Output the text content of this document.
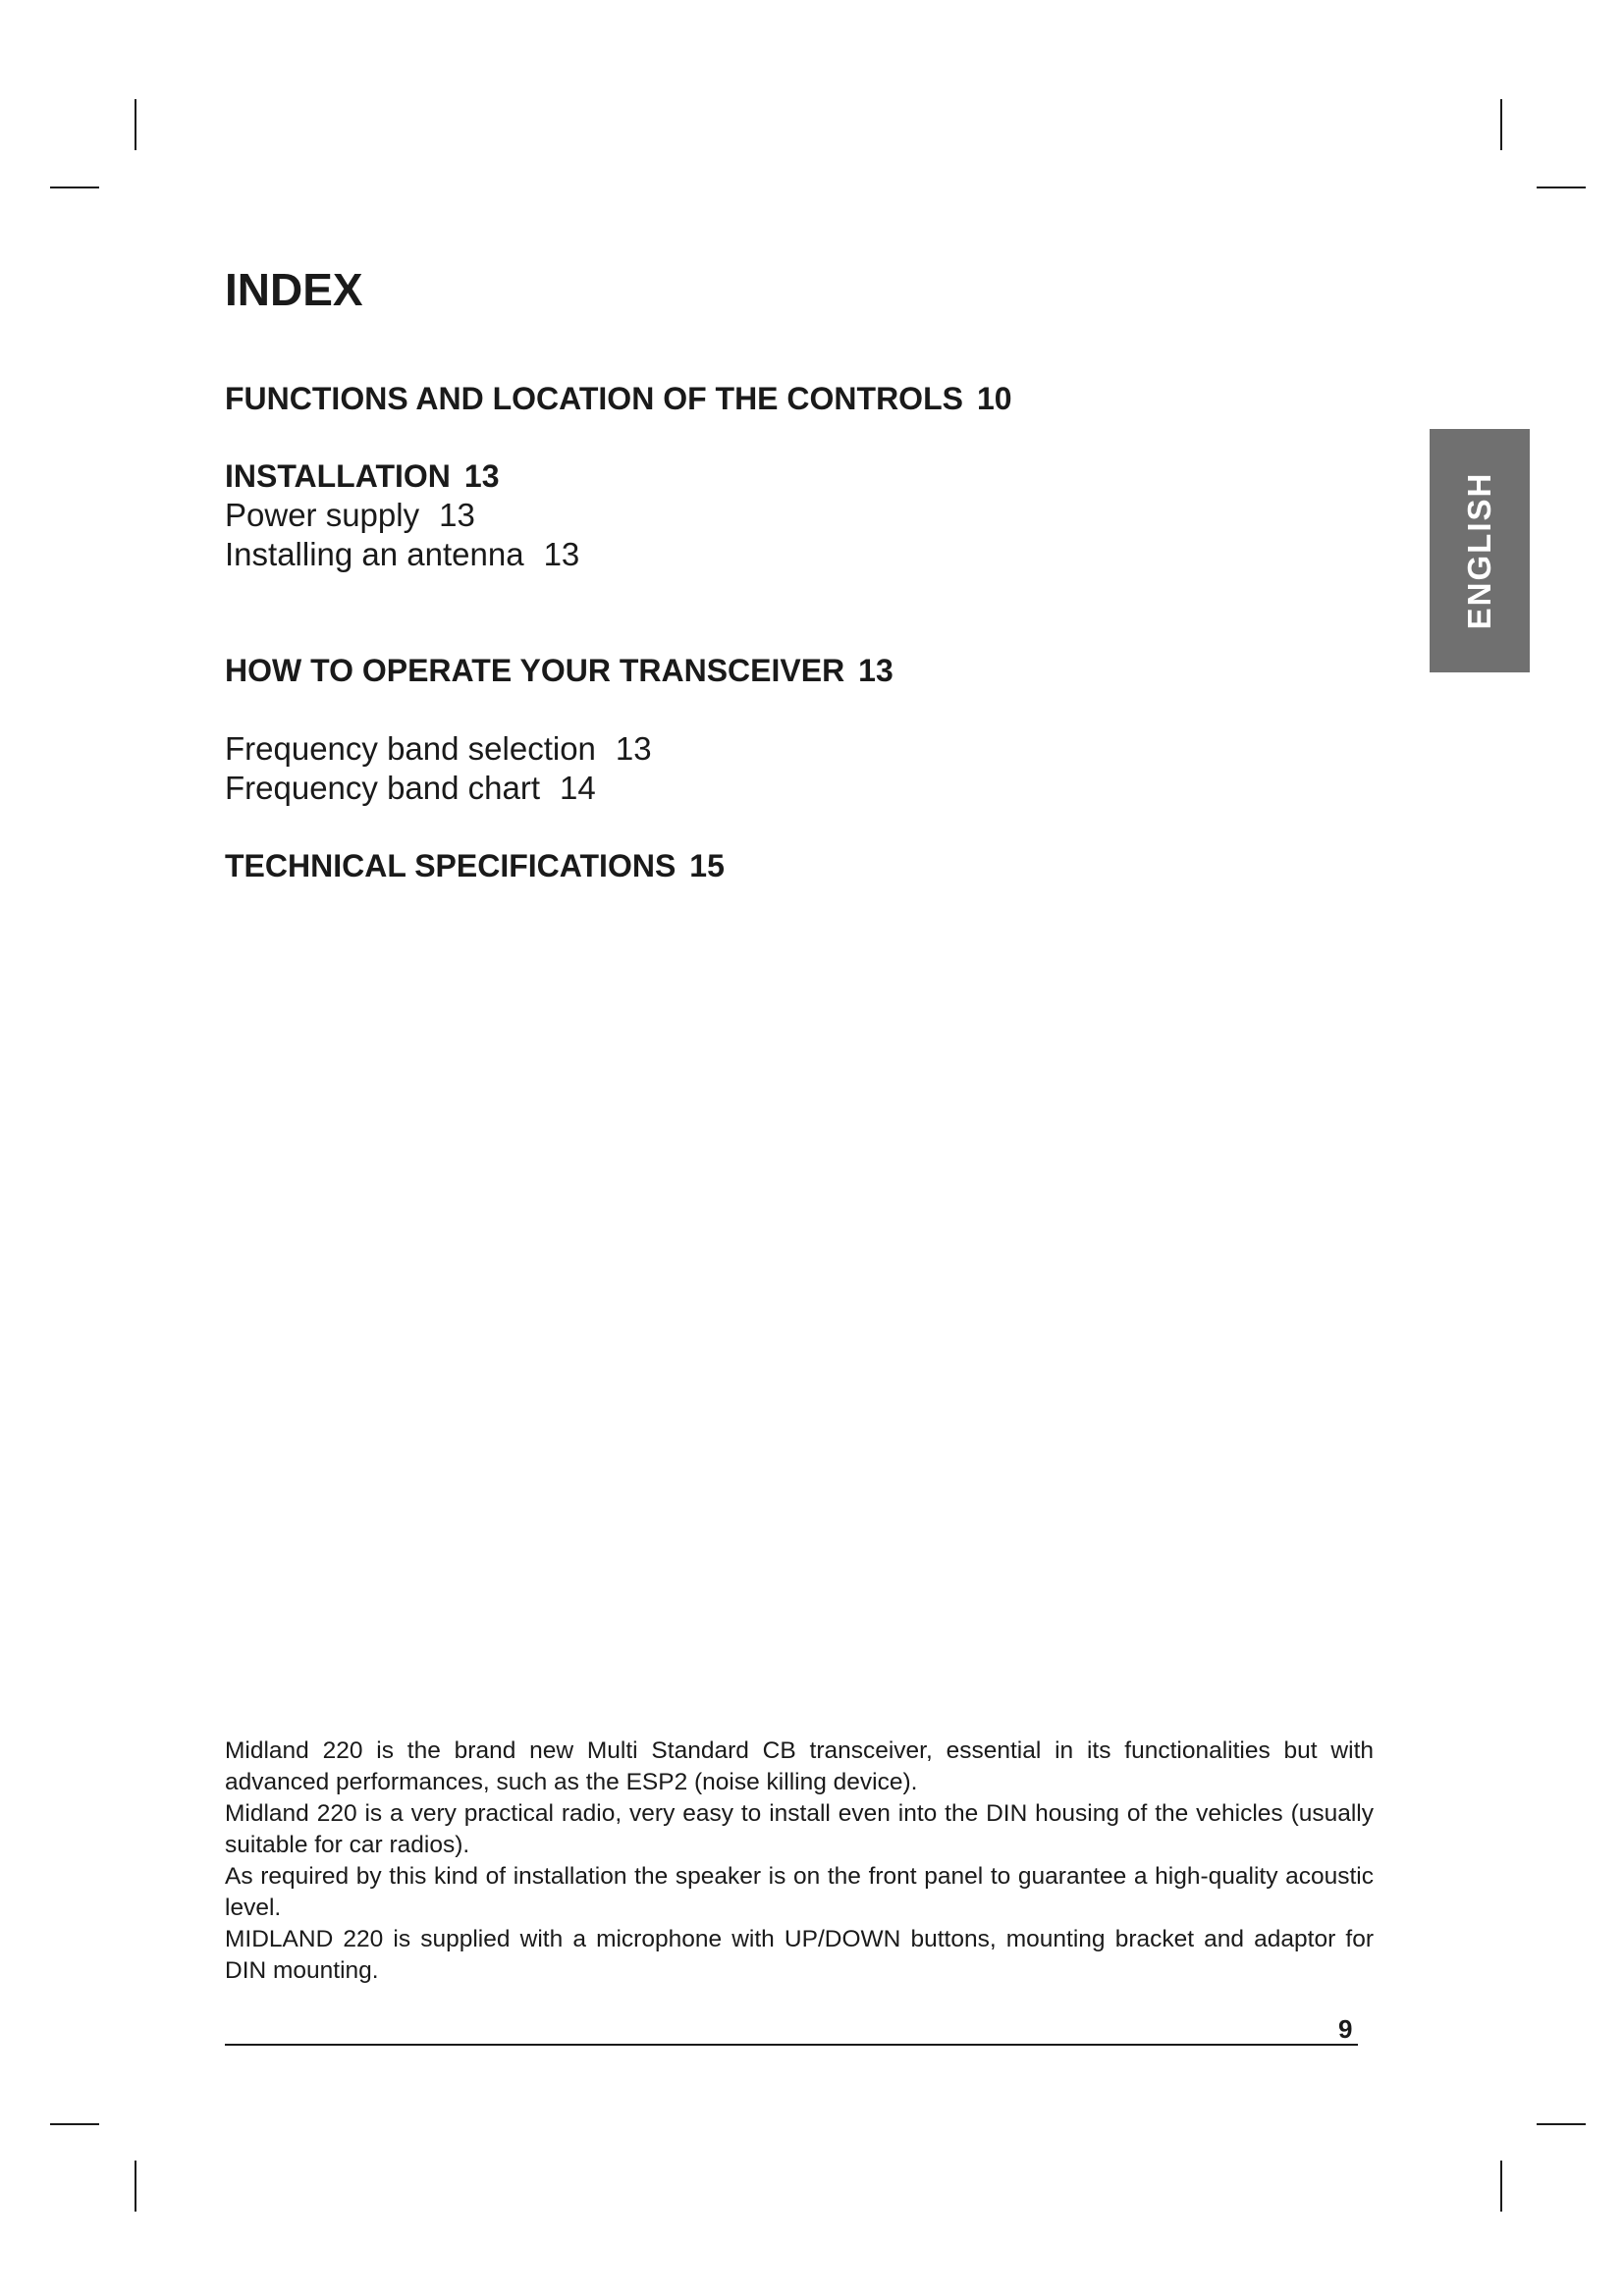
INDEX
FUNCTIONS AND LOCATION OF THE CONTROLS 10
INSTALLATION 13
Power supply 13
Installing an antenna 13
HOW TO OPERATE YOUR TRANSCEIVER 13
Frequency band selection 13
Frequency band chart 14
TECHNICAL SPECIFICATIONS 15
ENGLISH

Midland 220 is the brand new Multi Standard CB transceiver, essential in its functionalities but with advanced performances, such as the ESP2 (noise killing device).

Midland 220 is a very practical radio, very easy to install even into the DIN housing of the vehicles (usually suitable for car radios).

As required by this kind of installation the speaker is on the front panel to guarantee a high-quality acoustic level.

MIDLAND 220 is supplied with a microphone with UP/DOWN buttons, mounting bracket and adaptor for DIN mounting.

9
